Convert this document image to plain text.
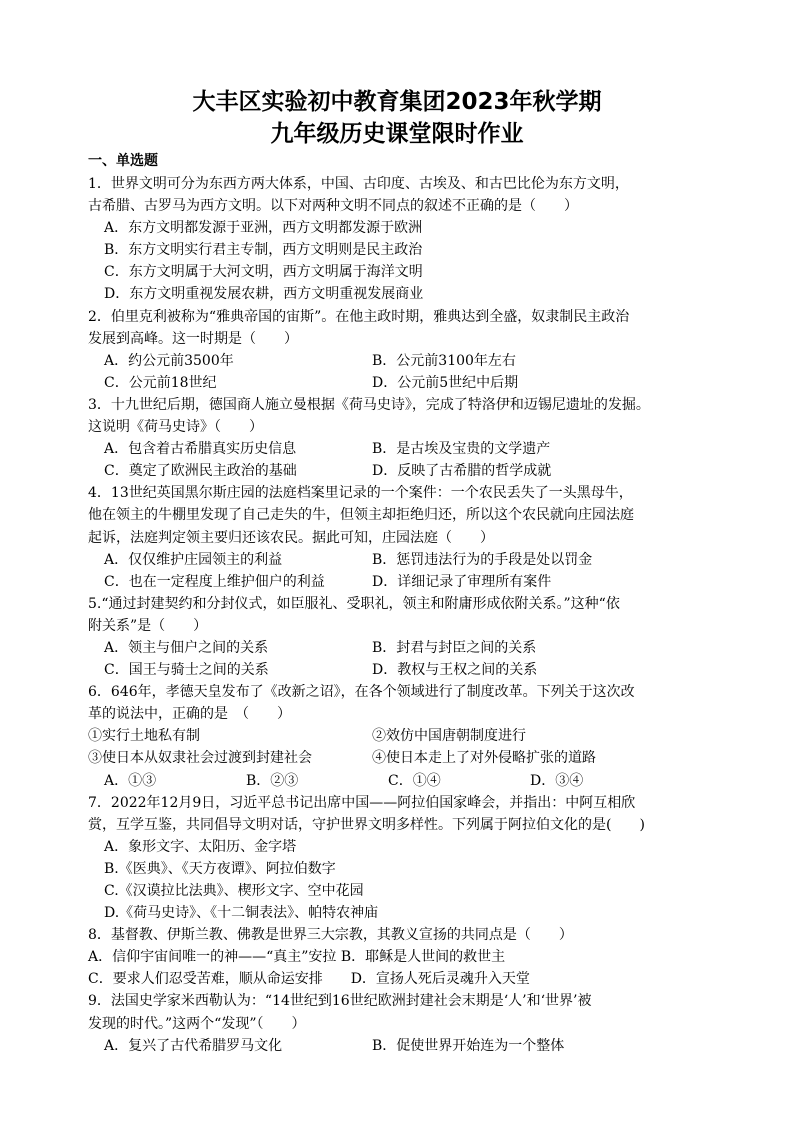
大丰区实验初中教育集团2023年秋学期
九年级历史课堂限时作业
一、单选题
1．世界文明可分为东西方两大体系，中国、古印度、古埃及、和古巴比伦为东方文明，
古希腊、古罗马为西方文明。以下对两种文明不同点的叙述不正确的是（　　）
A．东方文明都发源于亚洲，西方文明都发源于欧洲
B．东方文明实行君主专制，西方文明则是民主政治
C．东方文明属于大河文明，西方文明属于海洋文明
D．东方文明重视发展农耕，西方文明重视发展商业
2．伯里克利被称为“雅典帝国的宙斯”。在他主政时期，雅典达到全盛，奴隶制民主政治
发展到高峰。这一时期是（　　）
A．约公元前3500年	B．公元前3100年左右
C．公元前18世纪	D．公元前5世纪中后期
3．十九世纪后期，德国商人施立曼根据《荷马史诗》，完成了特洛伊和迈锡尼遗址的发掘。
这说明《荷马史诗》（　　）
A．包含着古希腊真实历史信息	B．是古埃及宝贵的文学遗产
C．奠定了欧洲民主政治的基础	D．反映了古希腊的哲学成就
4．13世纪英国黑尔斯庄园的法庭档案里记录的一个案件：一个农民丢失了一头黑母牛，
他在领主的牛棚里发现了自己走失的牛，但领主却拒绝归还，所以这个农民就向庄园法庭
起诉，法庭判定领主要归还该农民。据此可知，庄园法庭（　　）
A．仅仅维护庄园领主的利益	B．惩罚违法行为的手段是处以罚金
C．也在一定程度上维护佃户的利益	D．详细记录了审理所有案件
5.“通过封建契约和分封仪式，如臣服礼、受职礼，领主和附庸形成依附关系。”这种“依
附关系”是（　　）
A．领主与佃户之间的关系	B．封君与封臣之间的关系
C．国王与骑士之间的关系	D．教权与王权之间的关系
6．646年，孝德天皇发布了《改新之诏》，在各个领域进行了制度改革。下列关于这次改
革的说法中，正确的是　（　　）
①实行土地私有制	②效仿中国唐朝制度进行
③使日本从奴隶社会过渡到封建社会	④使日本走上了对外侵略扩张的道路
A．①③	B．②③	C．①④	D．③④
7．2022年12月9日，习近平总书记出席中国——阿拉伯国家峰会，并指出：中阿互相欣
赏，互学互鉴，共同倡导文明对话，守护世界文明多样性。下列属于阿拉伯文化的是(　　)
A．象形文字、太阳历、金字塔
B.《医典》、《天方夜谭》、阿拉伯数字
C.《汉谟拉比法典》、楔形文字、空中花园
D.《荷马史诗》、《十二铜表法》、帕特农神庙
8．基督教、伊斯兰教、佛教是世界三大宗教，其教义宣扬的共同点是（　　）
A．信仰宇宙间唯一的神——“真主”安拉 B．耶稣是人世间的救世主
C．要求人们忍受苦难，顺从命运安排　　D．宣扬人死后灵魂升入天堂
9．法国史学家米西勒认为：“14世纪到16世纪欧洲封建社会末期是‘人’和‘世界’被
发现的时代。”这两个“发现”（　　）
A．复兴了古代希腊罗马文化	B．促使世界开始连为一个整体
